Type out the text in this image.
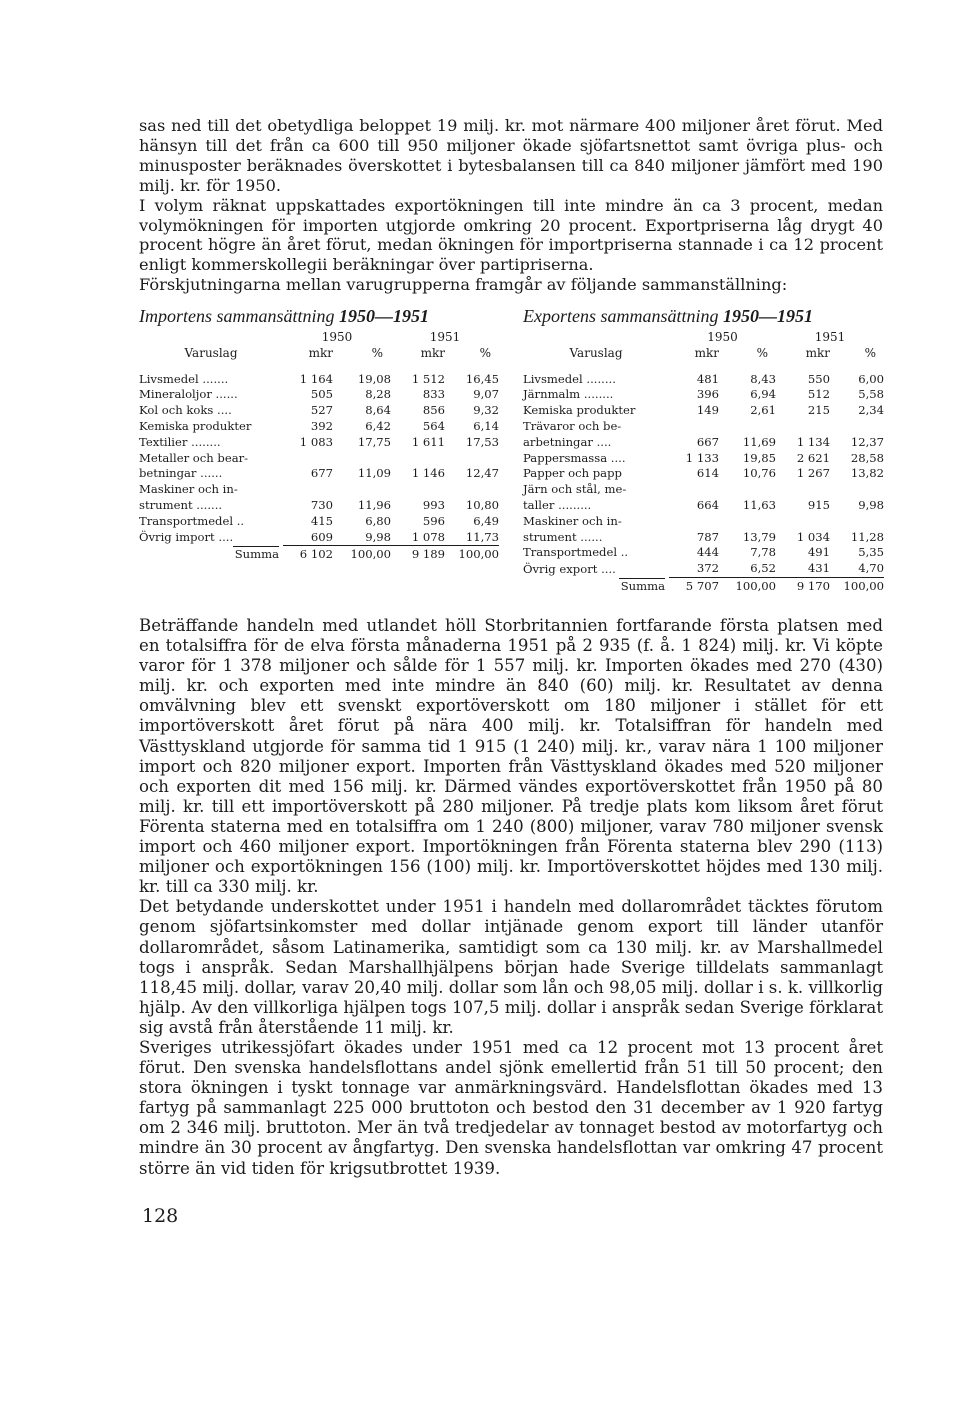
sas ned till det obetydliga beloppet 19 milj. kr. mot närmare 400 miljoner året förut. Med hänsyn till det från ca 600 till 950 miljoner ökade sjöfartsnettot samt övriga plus- och minusposter beräknades överskottet i bytesbalansen till ca 840 miljoner jämfört med 190 milj. kr. för 1950.

I volym räknat uppskattades exportökningen till inte mindre än ca 3 procent, medan volymökningen för importen utgjorde omkring 20 procent. Exportpriserna låg drygt 40 procent högre än året förut, medan ökningen för importpriserna stannade i ca 12 procent enligt kommerskollegii beräkningar över partipriserna.

Förskjutningarna mellan varugrupperna framgår av följande sammanställning:

Importens sammansättning 1950—1951
	1950		1951	
Varuslag	mkr	%	mkr	%

Livsmedel .......	1 164	19,08	1 512	16,45
Mineraloljor ......	505	8,28	833	9,07
Kol och koks ....	527	8,64	856	9,32
Kemiska produkter	392	6,42	564	6,14
Textilier ........	1 083	17,75	1 611	17,53
Metaller och bear-				
betningar ......	677	11,09	1 146	12,47
Maskiner och in-				
strument .......	730	11,96	993	10,80
Transportmedel ..	415	6,80	596	6,49
Övrig import ....	609	9,98	1 078	11,73
Summa	6 102	100,00	9 189	100,00
Exportens sammansättning 1950—1951
	1950		1951	
Varuslag	mkr	%	mkr	%

Livsmedel ........	481	8,43	550	6,00
Järnmalm ........	396	6,94	512	5,58
Kemiska produkter	149	2,61	215	2,34
Trävaror och be-				
arbetningar ....	667	11,69	1 134	12,37
Pappersmassa ....	1 133	19,85	2 621	28,58
Papper och papp	614	10,76	1 267	13,82
Järn och stål, me-				
taller .........	664	11,63	915	9,98
Maskiner och in-				
strument ......	787	13,79	1 034	11,28
Transportmedel ..	444	7,78	491	5,35
Övrig export ....	372	6,52	431	4,70
Summa	5 707	100,00	9 170	100,00

Beträffande handeln med utlandet höll Storbritannien fortfarande första platsen med en totalsiffra för de elva första månaderna 1951 på 2 935 (f. å. 1 824) milj. kr. Vi köpte varor för 1 378 miljoner och sålde för 1 557 milj. kr. Importen ökades med 270 (430) milj. kr. och exporten med inte mindre än 840 (60) milj. kr. Resultatet av denna omvälvning blev ett svenskt exportöverskott om 180 miljoner i stället för ett importöverskott året förut på nära 400 milj. kr. Totalsiffran för handeln med Västtyskland utgjorde för samma tid 1 915 (1 240) milj. kr., varav nära 1 100 miljoner import och 820 miljoner export. Importen från Västtyskland ökades med 520 miljoner och exporten dit med 156 milj. kr. Därmed vändes exportöverskottet från 1950 på 80 milj. kr. till ett importöverskott på 280 miljoner. På tredje plats kom liksom året förut Förenta staterna med en totalsiffra om 1 240 (800) miljoner, varav 780 miljoner svensk import och 460 miljoner export. Importökningen från Förenta staterna blev 290 (113) miljoner och exportökningen 156 (100) milj. kr. Importöverskottet höjdes med 130 milj. kr. till ca 330 milj. kr.

Det betydande underskottet under 1951 i handeln med dollarområdet täcktes förutom genom sjöfartsinkomster med dollar intjänade genom export till länder utanför dollarområdet, såsom Latinamerika, samtidigt som ca 130 milj. kr. av Marshallmedel togs i anspråk. Sedan Marshallhjälpens början hade Sverige tilldelats sammanlagt 118,45 milj. dollar, varav 20,40 milj. dollar som lån och 98,05 milj. dollar i s. k. villkorlig hjälp. Av den villkorliga hjälpen togs 107,5 milj. dollar i anspråk sedan Sverige förklarat sig avstå från återstående 11 milj. kr.

Sveriges utrikessjöfart ökades under 1951 med ca 12 procent mot 13 procent året förut. Den svenska handelsflottans andel sjönk emellertid från 51 till 50 procent; den stora ökningen i tyskt tonnage var anmärkningsvärd. Handelsflottan ökades med 13 fartyg på sammanlagt 225 000 bruttoton och bestod den 31 december av 1 920 fartyg om 2 346 milj. bruttoton. Mer än två tredjedelar av tonnaget bestod av motorfartyg och mindre än 30 procent av ångfartyg. Den svenska handelsflottan var omkring 47 procent större än vid tiden för krigsutbrottet 1939.

128
